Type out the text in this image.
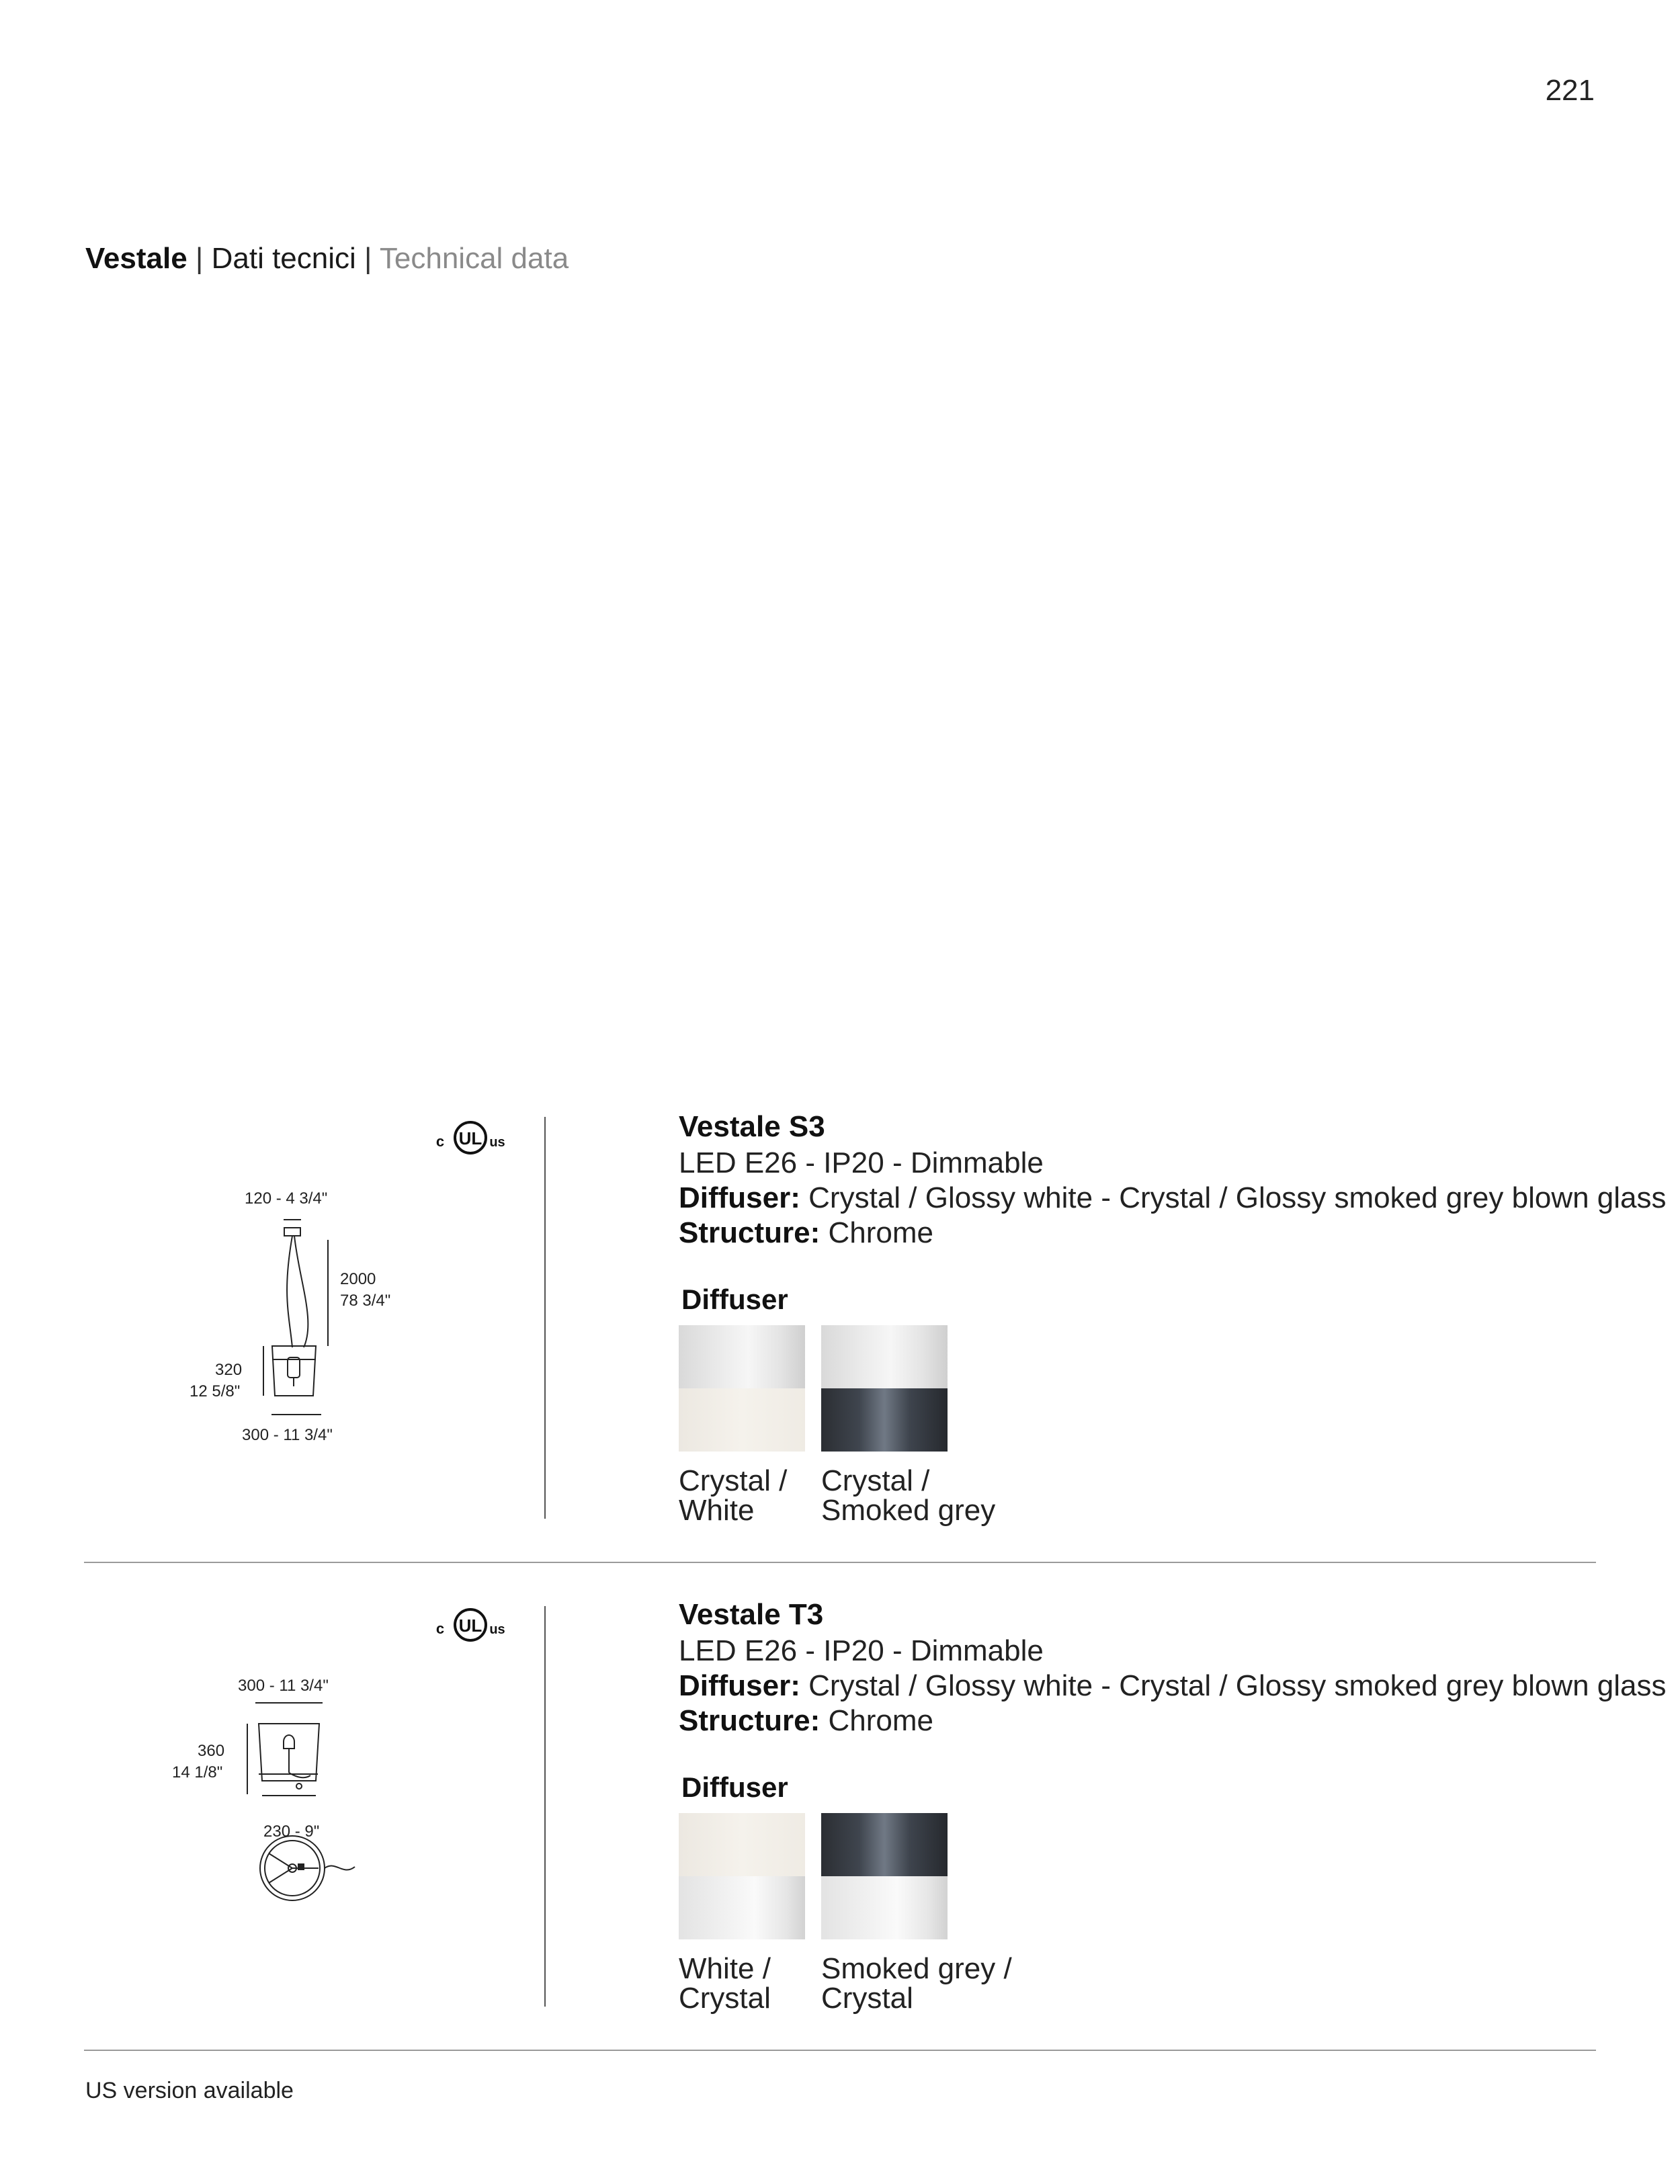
221
Vestale | Dati tecnici | Technical data
UL
c	us
120 - 4 3/4"
2000
78 3/4"
320
12 5/8"
300 - 11 3/4"
Vestale S3
LED E26 - IP20 - Dimmable
Diffuser: Crystal / Glossy white - Crystal / Glossy smoked grey blown glass
Structure: Chrome
Diffuser
Crystal /
White
Crystal /
Smoked grey
UL
c	us
300 - 11 3/4"
360
14 1/8"
230 - 9"
Vestale T3
LED E26 - IP20 - Dimmable
Diffuser: Crystal / Glossy white - Crystal / Glossy smoked grey blown glass
Structure: Chrome
Diffuser
White /
Crystal
Smoked grey /
Crystal
US version available
